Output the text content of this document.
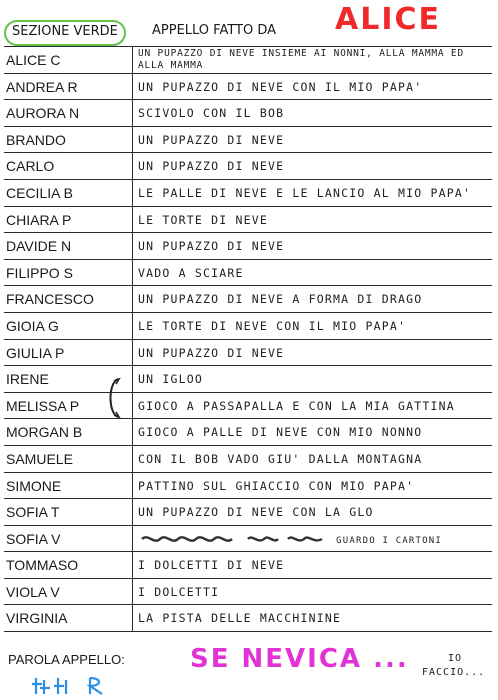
SEZIONE VERDE	APPELLO FATTO DA ALICE
ALICE C	UN PUPAZZO DI NEVE INSIEME AI NONNI, ALLA MAMMA ED ALLA MAMMA
ANDREA R	UN PUPAZZO DI NEVE CON IL MIO PAPA'
AURORA N	SCIVOLO CON IL BOB
BRANDO	UN PUPAZZO DI NEVE
CARLO	UN PUPAZZO DI NEVE
CECILIA B	LE PALLE DI NEVE E LE LANCIO AL MIO PAPA'
CHIARA P	LE TORTE DI NEVE
DAVIDE N	UN PUPAZZO DI NEVE
FILIPPO S	VADO A SCIARE
FRANCESCO	UN PUPAZZO DI NEVE A FORMA DI DRAGO
GIOIA G	LE TORTE DI NEVE CON IL MIO PAPA'
GIULIA P	UN PUPAZZO DI NEVE
IRENE	UN IGLOO
MELISSA P	GIOCO A PASSAPALLA E CON LA MIA GATTINA
MORGAN B	GIOCO A PALLE DI NEVE CON MIO NONNO
SAMUELE	CON IL BOB VADO GIU' DALLA MONTAGNA
SIMONE	PATTINO SUL GHIACCIO CON MIO PAPA'
SOFIA T	UN PUPAZZO DI NEVE CON LA GLO
SOFIA V	GUARDO I CARTONI
TOMMASO	I DOLCETTI DI NEVE
VIOLA V	I DOLCETTI
VIRGINIA	LA PISTA DELLE MACCHININE
PAROLA APPELLO:	SE NEVICA ...	IO
FACCIO...
